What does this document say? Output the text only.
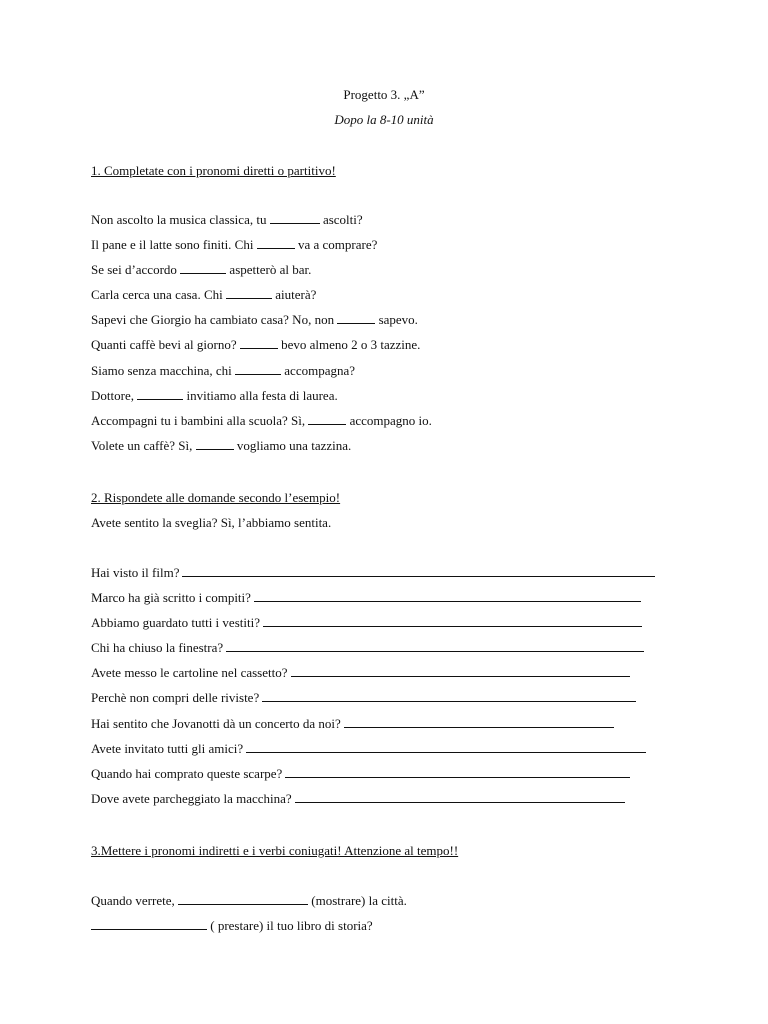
Progetto 3. „A”
Dopo la 8-10 unità
1. Completate con i pronomi diretti o partitivo!
Non ascolto la musica classica, tu	ascolti?
Il pane e il latte sono finiti. Chi	va a comprare?
Se sei d’accordo	aspetterò al bar.
Carla cerca una casa. Chi	aiuterà?
Sapevi che Giorgio ha cambiato casa? No, non	sapevo.
Quanti caffè bevi al giorno?	bevo almeno 2 o 3 tazzine.
Siamo senza macchina, chi	accompagna?
Dottore,	invitiamo alla festa di laurea.
Accompagni tu i bambini alla scuola? Sì,	accompagno io.
Volete un caffè? Sì,	vogliamo una tazzina.
2. Rispondete alle domande secondo l’esempio!
Avete sentito la sveglia? Sì, l’abbiamo sentita.
Hai visto il film?
Marco ha già scritto i compiti?
Abbiamo guardato tutti i vestiti?
Chi ha chiuso la finestra?
Avete messo le cartoline nel cassetto?
Perchè non compri delle riviste?
Hai sentito che Jovanotti dà un concerto da noi?
Avete invitato tutti gli amici?
Quando hai comprato queste scarpe?
Dove avete parcheggiato la macchina?
3.Mettere i pronomi indiretti e i verbi coniugati! Attenzione al tempo!!
Quando verrete,	(mostrare) la città.
( prestare) il tuo libro di storia?
